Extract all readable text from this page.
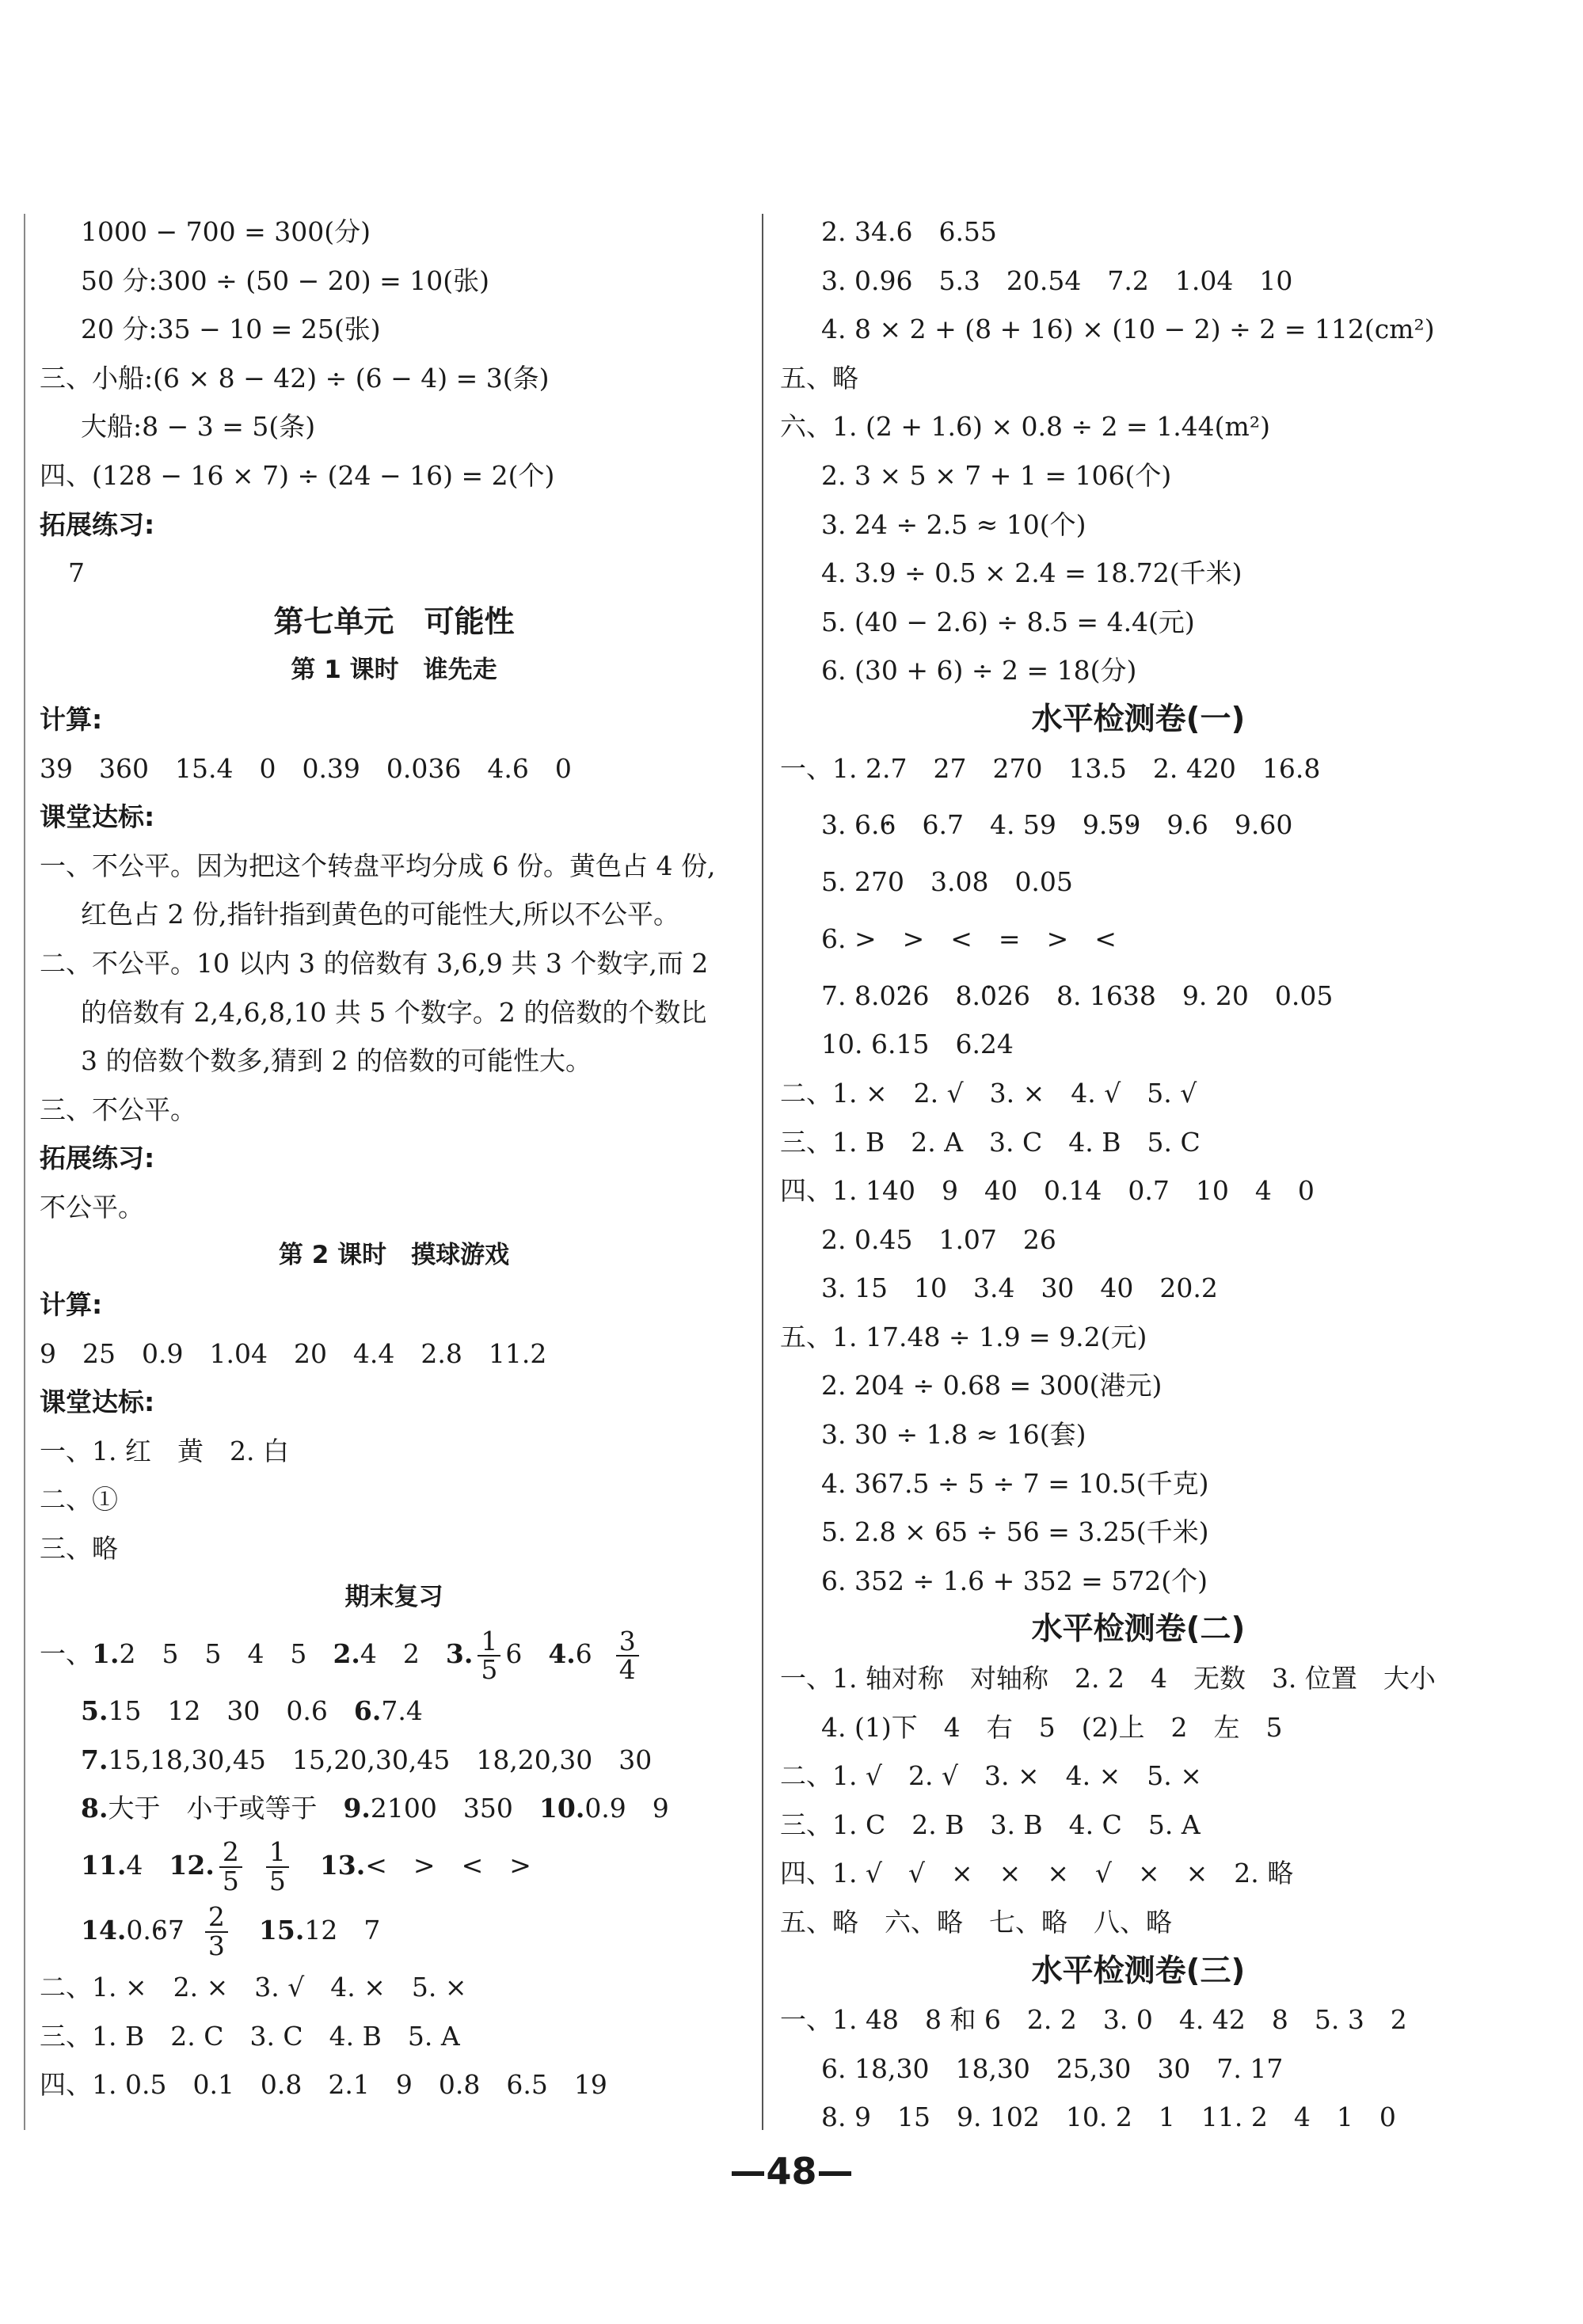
1000 − 700 = 300(分)
50 分:300 ÷ (50 − 20) = 10(张)
20 分:35 − 10 = 25(张)
三、小船:(6 × 8 − 42) ÷ (6 − 4) = 3(条)
大船:8 − 3 = 5(条)
四、(128 − 16 × 7) ÷ (24 − 16) = 2(个)
拓展练习:
7
第七单元　可能性
第 1 课时　谁先走
计算:
39　360　15.4　0　0.39　0.036　4.6　0
课堂达标:
一、不公平。因为把这个转盘平均分成 6 份。黄色占 4 份,
红色占 2 份,指针指到黄色的可能性大,所以不公平。
二、不公平。10 以内 3 的倍数有 3,6,9 共 3 个数字,而 2
的倍数有 2,4,6,8,10 共 5 个数字。2 的倍数的个数比
3 的倍数个数多,猜到 2 的倍数的可能性大。
三、不公平。
拓展练习:
不公平。
第 2 课时　摸球游戏
计算:
9　25　0.9　1.04　20　4.4　2.8　11.2
课堂达标:
一、1. 红　黄　2. 白
二、①
三、略
期末复习
一、1.2　5　5　4　5　2.4　2　3. $\frac{1}{5} 6$　$4.6 \frac{3}{4}$
5.15　12　30　0.6　6.7.4
7.15,18,30,45　15,20,30,45　18,20,30　30
8.大于　小于或等于　9.2100　350　10.0.9　9
11.4　12. $\frac{2}{5} \frac{1}{5}$
　 13.<　>　<　>
14.0.. 6. $7 \frac{2}{3}$
　 15.12　7
二、1. ×　2. ×　3. √　4. ×　5. ×
三、1. B　2. C　3. C　4. B　5. A
四、1. 0.5　0.1　0.8　2.1　9　0.8　6.5　19
2. 34.6　6.55
3. 0.96　5.3　20.54　7.2　1.04　10
4. 8 × 2 + (8 + 16) × (10 − 2) ÷ 2 = 112(cm²)
五、略
六、1. (2 + 1.6) × 0.8 ÷ 2 = 1.44(m²)
2. 3 × 5 × 7 + 1 = 106(个)
3. 24 ÷ 2.5 ≈ 10(个)
4. 3.9 ÷ 0.5 × 2.4 = 18.72(千米)
5. (40 − 2.6) ÷ 8.5 = 4.4(元)
6. (30 + 6) ÷ 2 = 18(分)
水平检测卷(一)
一、1. 2.7　27　270　13.5　2. 420　16.8
3. 6.. 6　6.7　4. 59　9.. 5. 9　9.6　9.60
5. 270　3.08　0.05
6. >　>　<　=　>　<
7. 8.0. 26　8.. 026　8. 1638　9. 20　0.05
10. 6.15　6.24
二、1. ×　2. √　3. ×　4. √　5. √
三、1. B　2. A　3. C　4. B　5. C
四、1. 140　9　40　0.14　0.7　10　4　0
2. 0.45　1.07　26
3. 15　10　3.4　30　40　20.2
五、1. 17.48 ÷ 1.9 = 9.2(元)
2. 204 ÷ 0.68 = 300(港元)
3. 30 ÷ 1.8 ≈ 16(套)
4. 367.5 ÷ 5 ÷ 7 = 10.5(千克)
5. 2.8 × 65 ÷ 56 = 3.25(千米)
6. 352 ÷ 1.6 + 352 = 572(个)
水平检测卷(二)
一、1. 轴对称　对轴称　2. 2　4　无数　3. 位置　大小
4. (1)下　4　右　5　(2)上　2　左　5
二、1. √　2. √　3. ×　4. ×　5. ×
三、1. C　2. B　3. B　4. C　5. A
四、1. √　√　×　×　×　√　×　×　2. 略
五、略　六、略　七、略　八、略
水平检测卷(三)
一、1. 48　8 和 6　2. 2　3. 0　4. 42　8　5. 3　2
6. 18,30　18,30　25,30　30　7. 17
8. 9　15　9. 102　10. 2　1　11. 2　4　1　0
—48—
